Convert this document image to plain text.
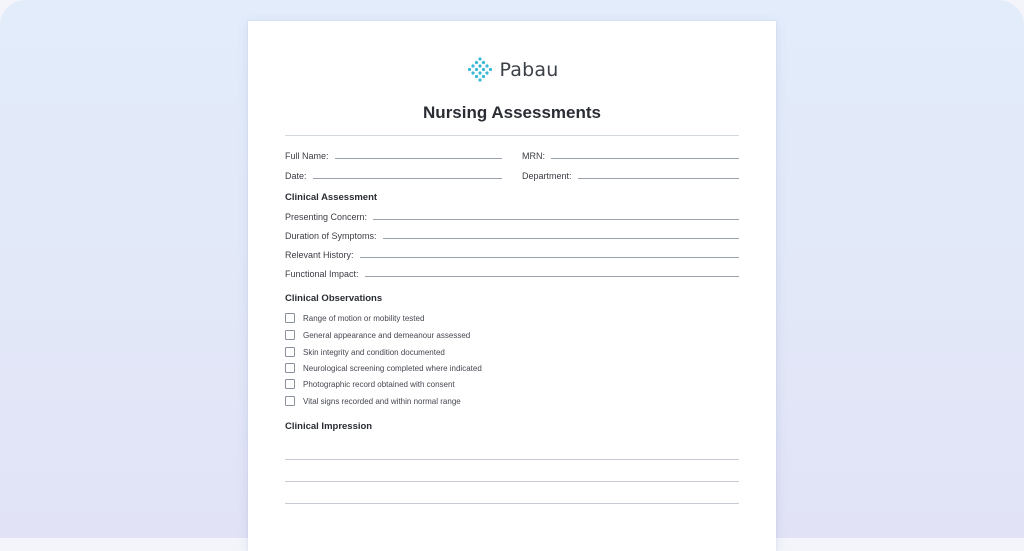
Pabau
Nursing Assessments
Full Name:	MRN:
Date:	Department:
Clinical Assessment
Presenting Concern:
Duration of Symptoms:
Relevant History:
Functional Impact:
Clinical Observations
Range of motion or mobility tested
General appearance and demeanour assessed
Skin integrity and condition documented
Neurological screening completed where indicated
Photographic record obtained with consent
Vital signs recorded and within normal range
Clinical Impression
